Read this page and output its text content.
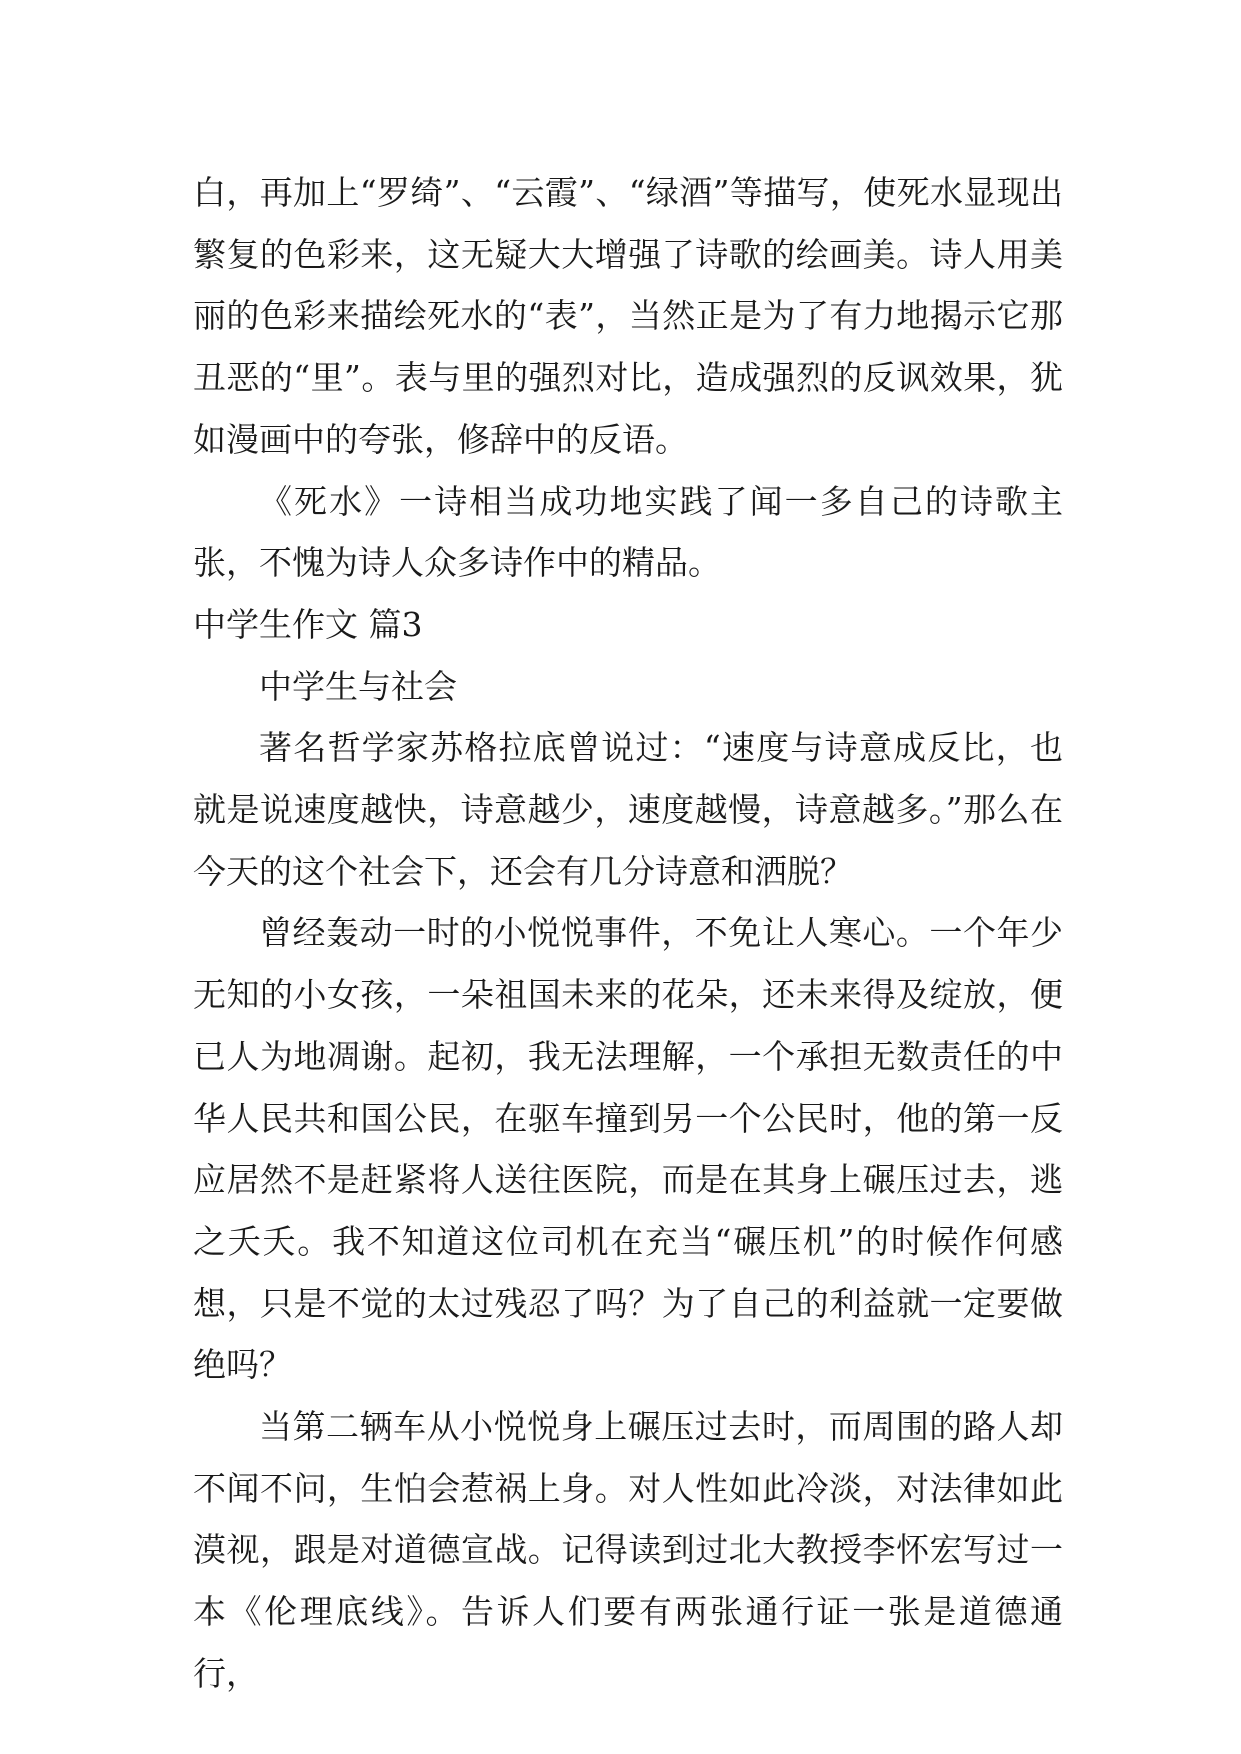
白，再加上“罗绮”、“云霞”、“绿酒”等描写，使死水显现出繁复的色彩来，这无疑大大增强了诗歌的绘画美。诗人用美丽的色彩来描绘死水的“表”，当然正是为了有力地揭示它那丑恶的“里”。表与里的强烈对比，造成强烈的反讽效果，犹如漫画中的夸张，修辞中的反语。

《死水》一诗相当成功地实践了闻一多自己的诗歌主张，不愧为诗人众多诗作中的精品。

中学生作文 篇3

中学生与社会

著名哲学家苏格拉底曾说过：“速度与诗意成反比，也就是说速度越快，诗意越少，速度越慢，诗意越多。”那么在今天的这个社会下，还会有几分诗意和洒脱？

曾经轰动一时的小悦悦事件，不免让人寒心。一个年少无知的小女孩，一朵祖国未来的花朵，还未来得及绽放，便已人为地凋谢。起初，我无法理解，一个承担无数责任的中华人民共和国公民，在驱车撞到另一个公民时，他的第一反应居然不是赶紧将人送往医院，而是在其身上碾压过去，逃之夭夭。我不知道这位司机在充当“碾压机”的时候作何感想，只是不觉的太过残忍了吗？为了自己的利益就一定要做绝吗？

当第二辆车从小悦悦身上碾压过去时，而周围的路人却不闻不问，生怕会惹祸上身。对人性如此冷淡，对法律如此漠视，跟是对道德宣战。记得读到过北大教授李怀宏写过一本《伦理底线》。告诉人们要有两张通行证一张是道德通行，
